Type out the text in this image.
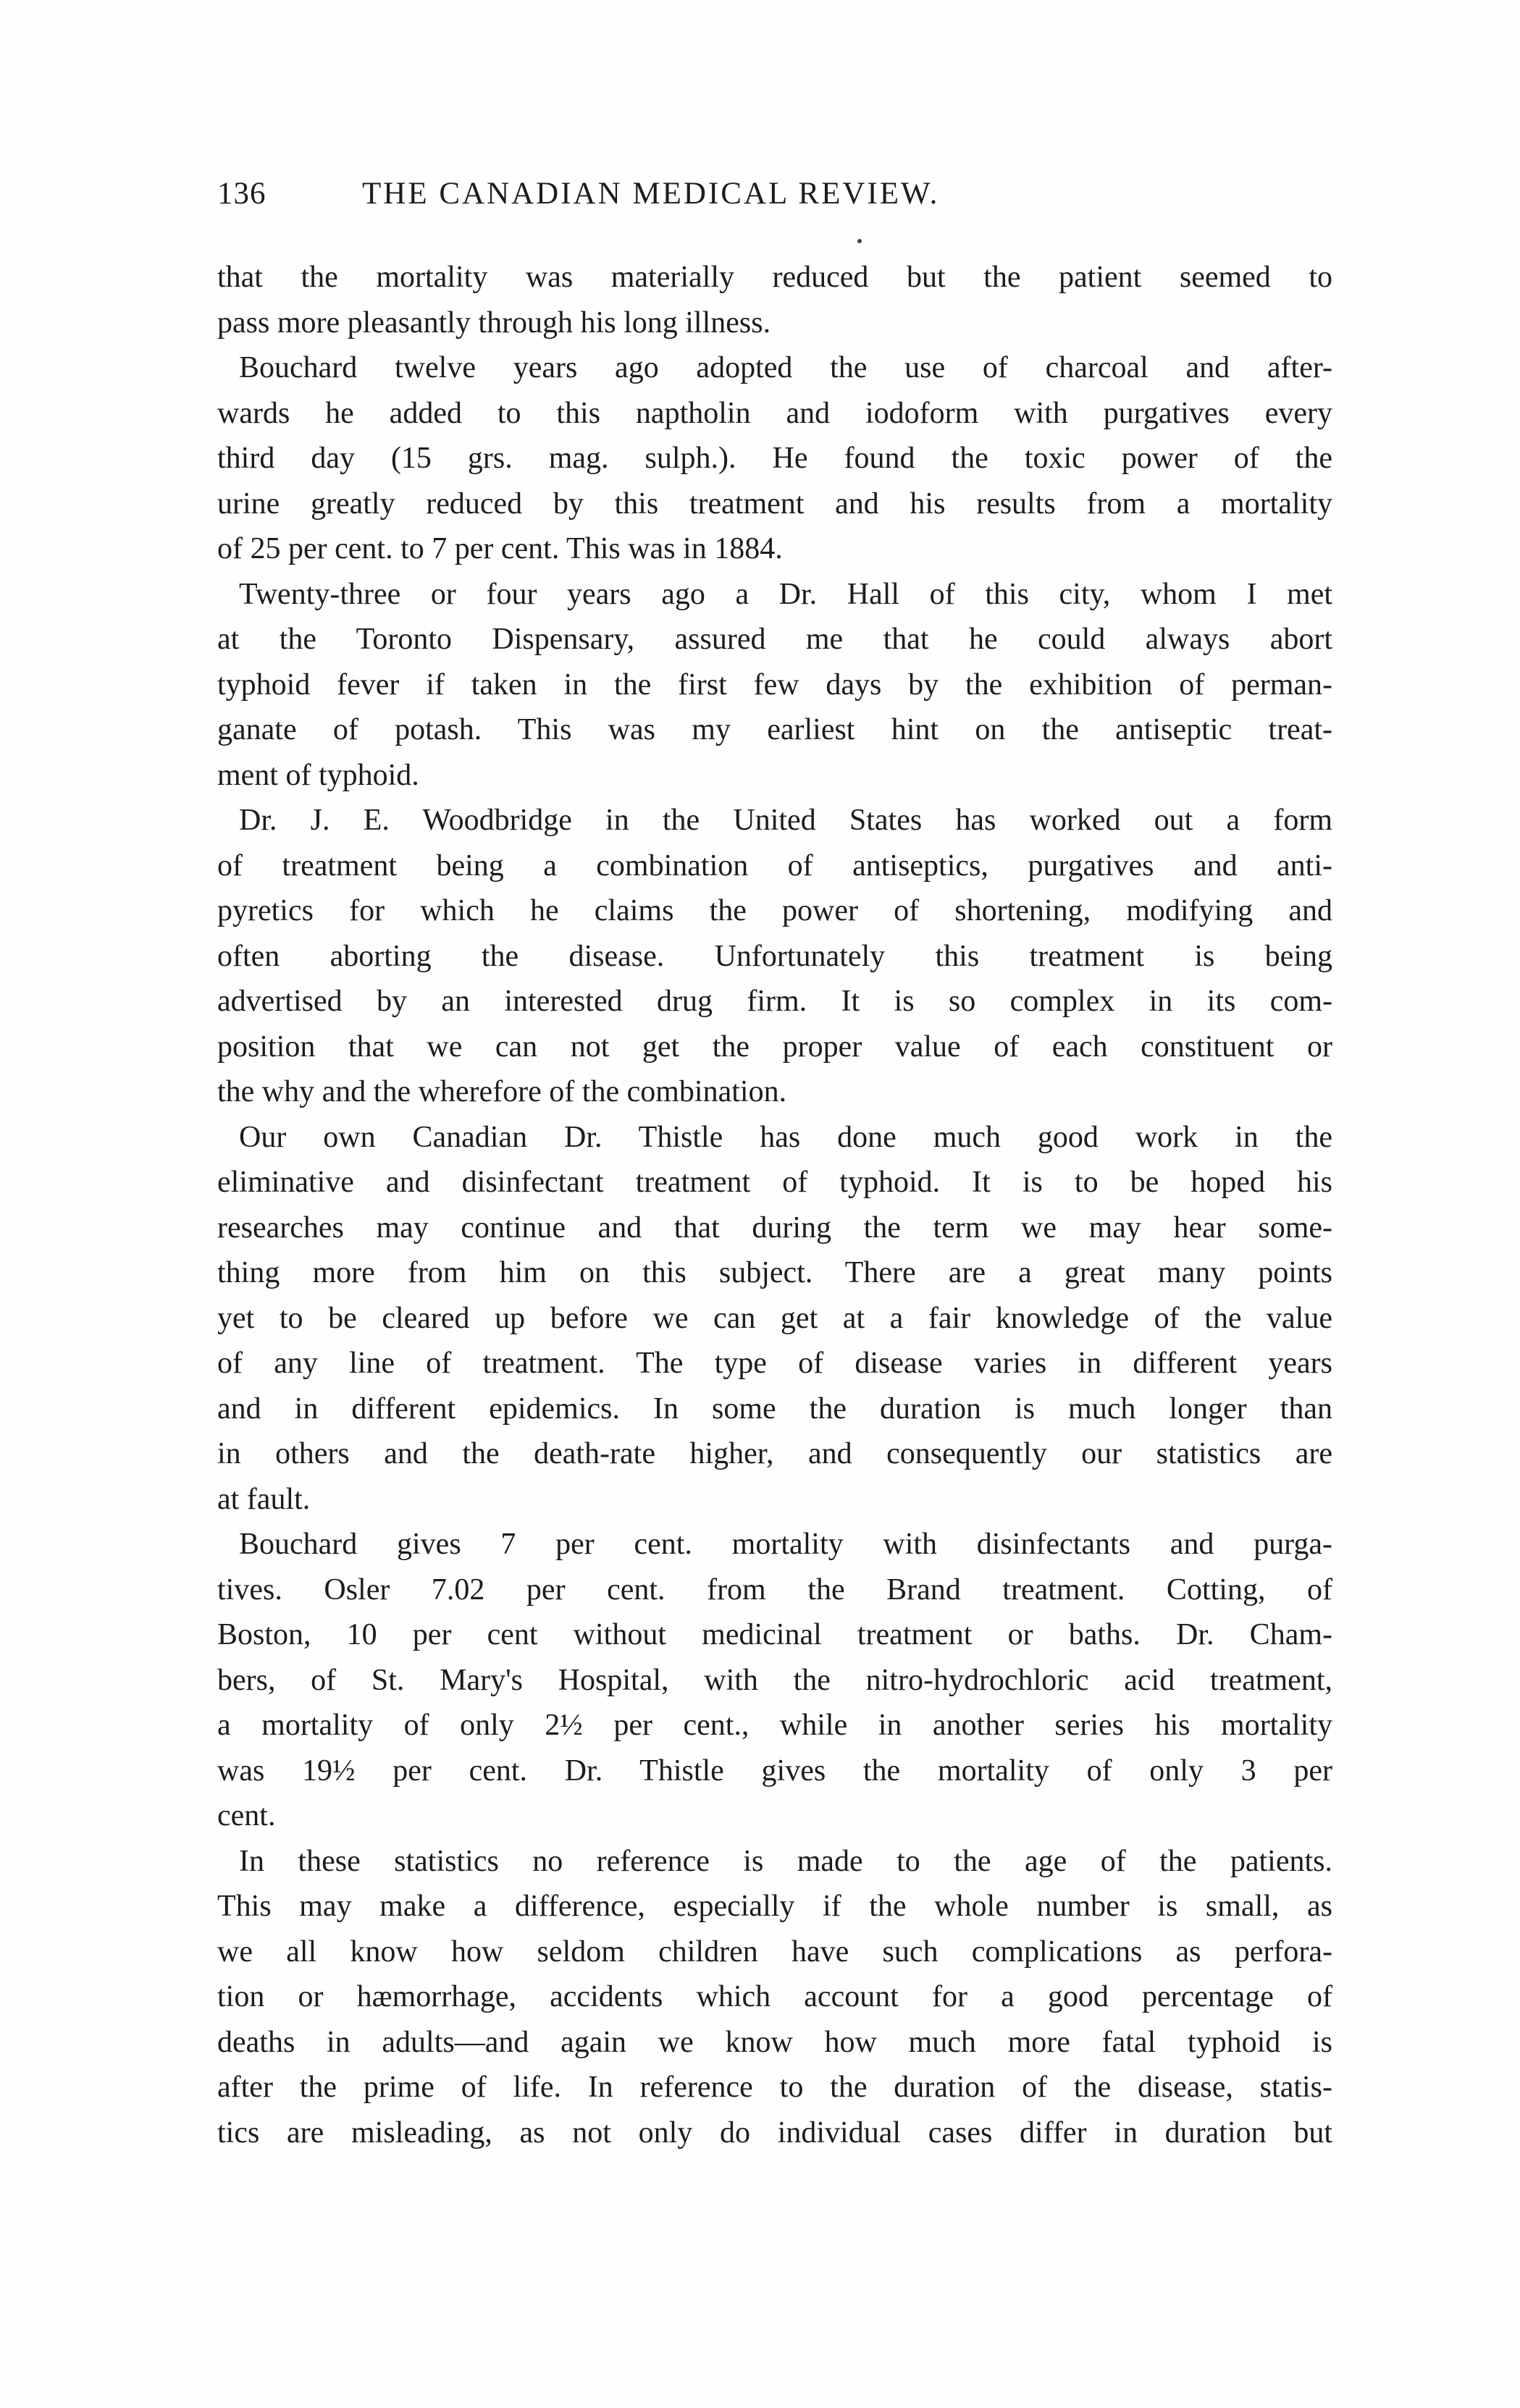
136	THE CANADIAN MEDICAL REVIEW.

that the mortality was materially reduced but the patient seemed to
pass more pleasantly through his long illness.

Bouchard twelve years ago adopted the use of charcoal and after-
wards he added to this naptholin and iodoform with purgatives every
third day (15 grs. mag. sulph.). He found the toxic power of the
urine greatly reduced by this treatment and his results from a mortality
of 25 per cent. to 7 per cent. This was in 1884.

Twenty-three or four years ago a Dr. Hall of this city, whom I met
at the Toronto Dispensary, assured me that he could always abort
typhoid fever if taken in the first few days by the exhibition of perman-
ganate of potash. This was my earliest hint on the antiseptic treat-
ment of typhoid.

Dr. J. E. Woodbridge in the United States has worked out a form
of treatment being a combination of antiseptics, purgatives and anti-
pyretics for which he claims the power of shortening, modifying and
often aborting the disease. Unfortunately this treatment is being
advertised by an interested drug firm. It is so complex in its com-
position that we can not get the proper value of each constituent or
the why and the wherefore of the combination.

Our own Canadian Dr. Thistle has done much good work in the
eliminative and disinfectant treatment of typhoid. It is to be hoped his
researches may continue and that during the term we may hear some-
thing more from him on this subject. There are a great many points
yet to be cleared up before we can get at a fair knowledge of the value
of any line of treatment. The type of disease varies in different years
and in different epidemics. In some the duration is much longer than
in others and the death-rate higher, and consequently our statistics are
at fault.

Bouchard gives 7 per cent. mortality with disinfectants and purga-
tives. Osler 7.02 per cent. from the Brand treatment. Cotting, of
Boston, 10 per cent without medicinal treatment or baths. Dr. Cham-
bers, of St. Mary's Hospital, with the nitro-hydrochloric acid treatment,
a mortality of only 2½ per cent., while in another series his mortality
was 19½ per cent. Dr. Thistle gives the mortality of only 3 per
cent.

In these statistics no reference is made to the age of the patients.
This may make a difference, especially if the whole number is small, as
we all know how seldom children have such complications as perfora-
tion or hæmorrhage, accidents which account for a good percentage of
deaths in adults—and again we know how much more fatal typhoid is
after the prime of life. In reference to the duration of the disease, statis-
tics are misleading, as not only do individual cases differ in duration but
